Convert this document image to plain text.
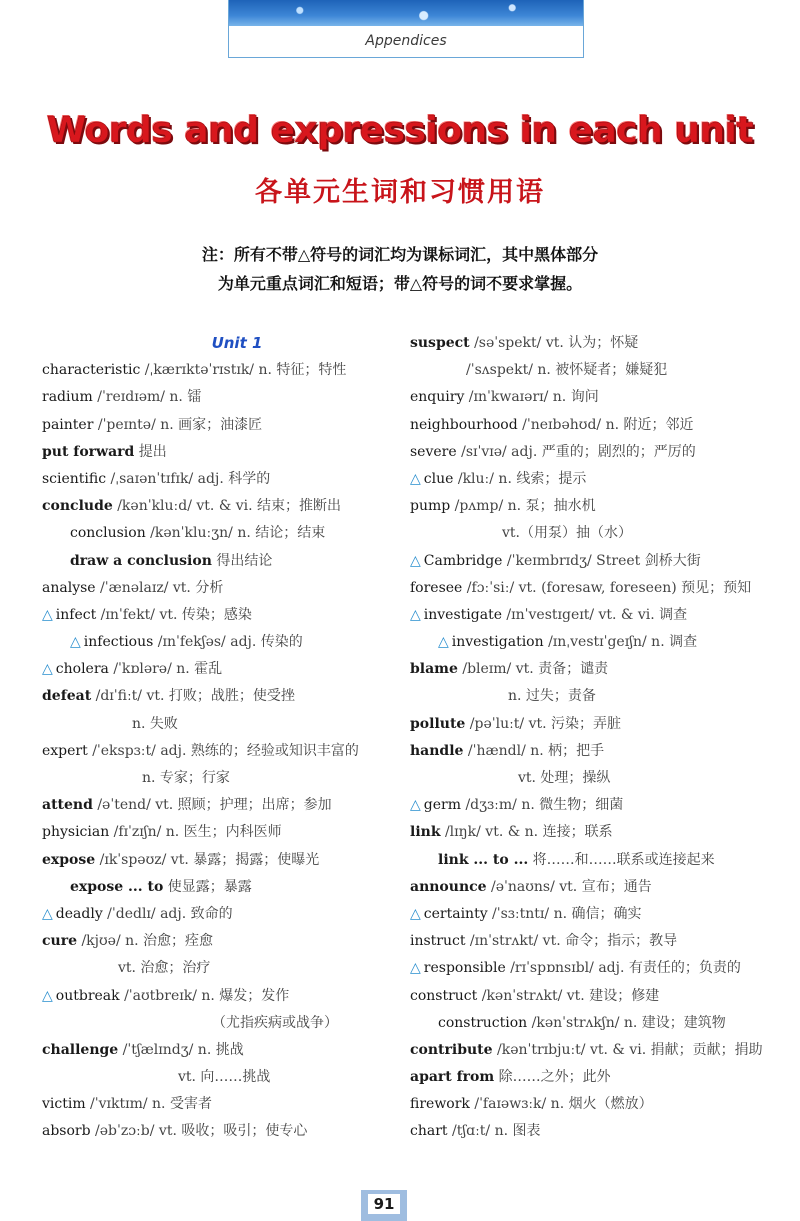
Appendices
Words and expressions in each unit
各单元生词和习惯用语
注：所有不带△符号的词汇均为课标词汇，其中黑体部分
为单元重点词汇和短语；带△符号的词不要求掌握。
Unit 1
characteristic /ˌkærɪktəˈrɪstɪk/ n. 特征；特性
radium /ˈreɪdɪəm/ n. 镭
painter /ˈpeɪntə/ n. 画家；油漆匠
put forward 提出
scientific /ˌsaɪənˈtɪfɪk/ adj. 科学的
conclude /kənˈkluːd/ vt. & vi. 结束；推断出
conclusion /kənˈkluːʒn/ n. 结论；结束
draw a conclusion 得出结论
analyse /ˈænəlaɪz/ vt. 分析
△ infect /ɪnˈfekt/ vt. 传染；感染
△ infectious /ɪnˈfekʃəs/ adj. 传染的
△ cholera /ˈkɒlərə/ n. 霍乱
defeat /dɪˈfiːt/ vt. 打败；战胜；使受挫
n. 失败
expert /ˈekspɜːt/ adj. 熟练的；经验或知识丰富的
n. 专家；行家
attend /əˈtend/ vt. 照顾；护理；出席；参加
physician /fɪˈzɪʃn/ n. 医生；内科医师
expose /ɪkˈspəʊz/ vt. 暴露；揭露；使曝光
expose ... to 使显露；暴露
△ deadly /ˈdedlɪ/ adj. 致命的
cure /kjʊə/ n. 治愈；痊愈
vt. 治愈；治疗
△ outbreak /ˈaʊtbreɪk/ n. 爆发；发作
（尤指疾病或战争）
challenge /ˈtʃælɪndʒ/ n. 挑战
vt. 向……挑战
victim /ˈvɪktɪm/ n. 受害者
absorb /əbˈzɔːb/ vt. 吸收；吸引；使专心
suspect /səˈspekt/ vt. 认为；怀疑
/ˈsʌspekt/ n. 被怀疑者；嫌疑犯
enquiry /ɪnˈkwaɪərɪ/ n. 询问
neighbourhood /ˈneɪbəhʊd/ n. 附近；邻近
severe /sɪˈvɪə/ adj. 严重的；剧烈的；严厉的
△ clue /kluː/ n. 线索；提示
pump /pʌmp/ n. 泵；抽水机
vt.（用泵）抽（水）
△ Cambridge /ˈkeɪmbrɪdʒ/ Street 剑桥大街
foresee /fɔːˈsiː/ vt. (foresaw, foreseen) 预见；预知
△ investigate /ɪnˈvestɪgeɪt/ vt. & vi. 调查
△ investigation /ɪnˌvestɪˈgeɪʃn/ n. 调查
blame /bleɪm/ vt. 责备；谴责
n. 过失；责备
pollute /pəˈluːt/ vt. 污染；弄脏
handle /ˈhændl/ n. 柄；把手
vt. 处理；操纵
△ germ /dʒɜːm/ n. 微生物；细菌
link /lɪŋk/ vt. & n. 连接；联系
link ... to ... 将……和……联系或连接起来
announce /əˈnaʊns/ vt. 宣布；通告
△ certainty /ˈsɜːtntɪ/ n. 确信；确实
instruct /ɪnˈstrʌkt/ vt. 命令；指示；教导
△ responsible /rɪˈspɒnsɪbl/ adj. 有责任的；负责的
construct /kənˈstrʌkt/ vt. 建设；修建
construction /kənˈstrʌkʃn/ n. 建设；建筑物
contribute /kənˈtrɪbjuːt/ vt. & vi. 捐献；贡献；捐助
apart from 除……之外；此外
firework /ˈfaɪəwɜːk/ n. 烟火（燃放）
chart /tʃɑːt/ n. 图表
91
